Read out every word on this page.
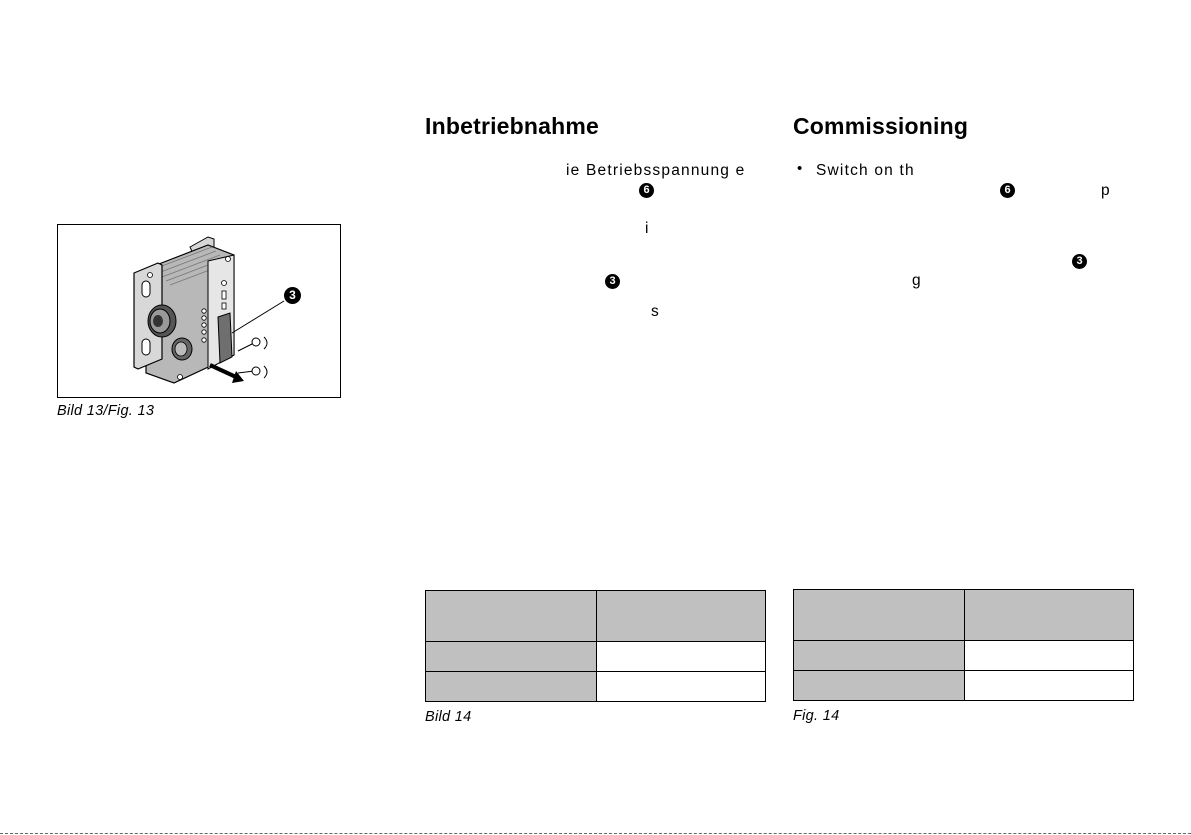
3
Bild 13/Fig. 13
Inbetriebnahme
ie Betriebsspannung e
6
i
3
s

Bild 14
Commissioning
• Switch on th
6	p
3
g

Fig. 14
